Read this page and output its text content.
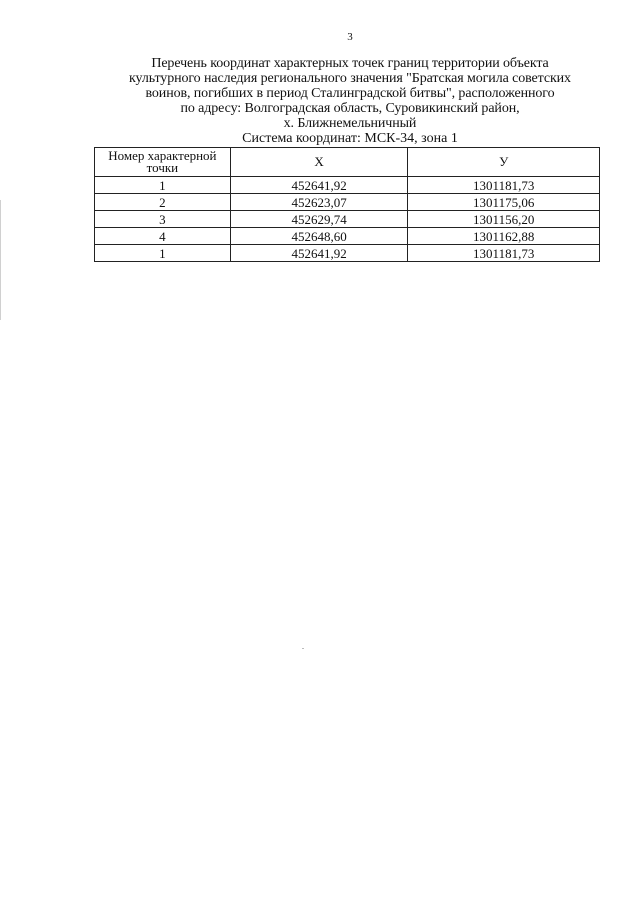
3
Перечень координат характерных точек границ территории объекта
культурного наследия регионального значения "Братская могила советских
воинов, погибших в период Сталинградской битвы", расположенного
по адресу: Волгоградская область, Суровикинский район,
х. Ближнемельничный
Система координат: МСК-34, зона 1
Номер характерной точки	X	У
1	452641,92	1301181,73
2	452623,07	1301175,06
3	452629,74	1301156,20
4	452648,60	1301162,88
1	452641,92	1301181,73
